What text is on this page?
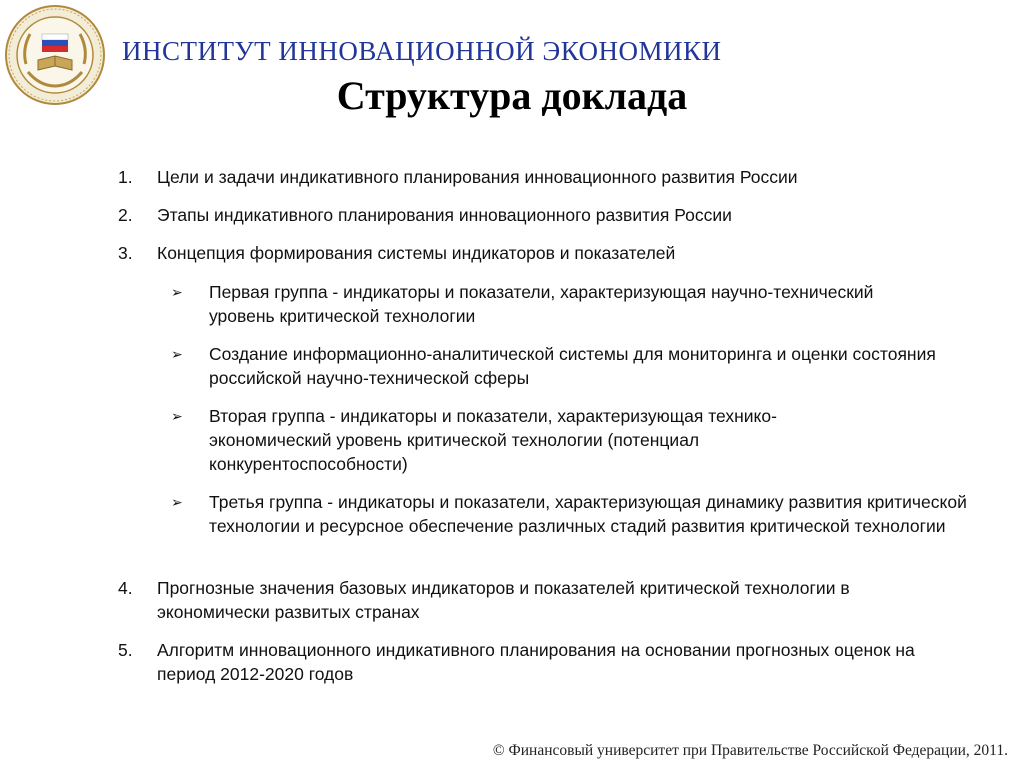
ИНСТИТУТ ИННОВАЦИОННОЙ ЭКОНОМИКИ
Структура доклада
1.	Цели и задачи индикативного планирования инновационного развития России
2.	Этапы индикативного планирования инновационного развития России
3.	Концепция формирования системы индикаторов и показателей
➢	Первая группа - индикаторы и показатели, характеризующая научно-технический уровень критической технологии
➢	Создание информационно-аналитической системы для мониторинга и оценки состояния российской научно-технической сферы
➢	Вторая группа - индикаторы и показатели, характеризующая технико-экономический уровень критической технологии (потенциал конкурентоспособности)
➢	Третья группа - индикаторы и показатели, характеризующая динамику развития критической технологии и ресурсное обеспечение различных стадий развития критической технологии
4.	Прогнозные значения базовых индикаторов и показателей критической технологии в экономически развитых странах
5.	Алгоритм инновационного индикативного планирования на основании прогнозных оценок на период 2012-2020 годов
© Финансовый университет при Правительстве Российской Федерации, 2011.
